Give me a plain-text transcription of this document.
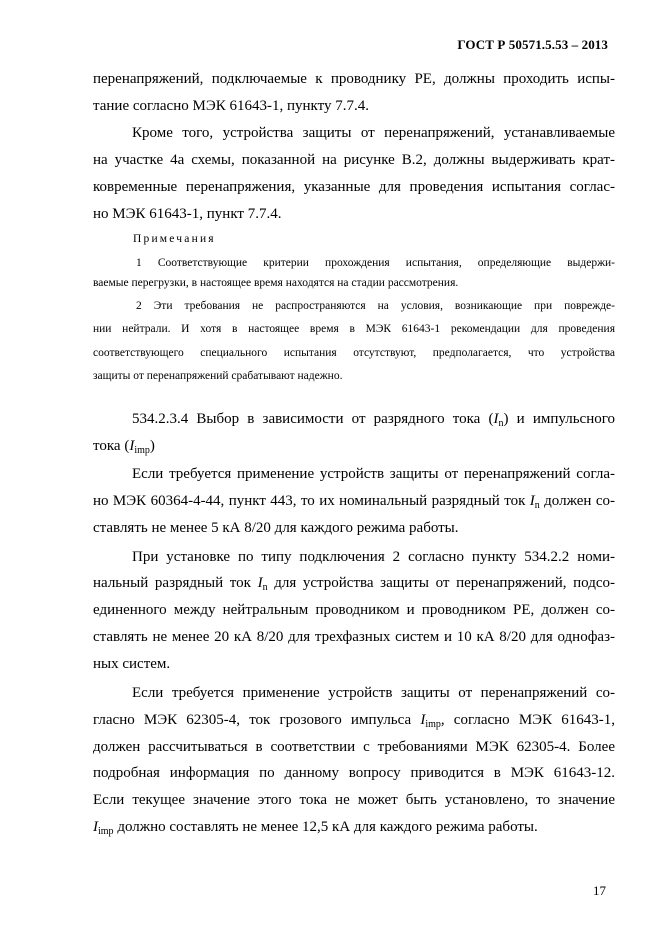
ГОСТ Р 50571.5.53 – 2013
перенапряжений, подключаемые к проводнику PE, должны проходить испы-
тание согласно МЭК 61643-1, пункту 7.7.4.
Кроме того, устройства защиты от перенапряжений, устанавливаемые
на участке 4а схемы, показанной на рисунке В.2, должны выдерживать крат-
ковременные перенапряжения, указанные для проведения испытания соглас-
но МЭК 61643-1, пункт 7.7.4.
Примечания
1 Соответствующие критерии прохождения испытания, определяющие выдержи-
ваемые перегрузки, в настоящее время находятся на стадии рассмотрения.
2 Эти требования не распространяются на условия, возникающие при поврежде-
нии нейтрали. И хотя в настоящее время в МЭК 61643-1 рекомендации для проведения
соответствующего специального испытания отсутствуют, предполагается, что устройства
защиты от перенапряжений срабатывают надежно.
534.2.3.4 Выбор в зависимости от разрядного тока $(I_n)$ и импульсного
тока $(I_{imp})$
Если требуется применение устройств защиты от перенапряжений согла-
но МЭК 60364-4-44, пункт 443, то их номинальный разрядный ток $I_n$ должен со-
ставлять не менее 5 кА 8/20 для каждого режима работы.
При установке по типу подключения 2 согласно пункту 534.2.2 номи-
нальный разрядный ток $I_n$ для устройства защиты от перенапряжений, подсо-
единенного между нейтральным проводником и проводником PE, должен со-
ставлять не менее 20 кА 8/20 для трехфазных систем и 10 кА 8/20 для однофаз-
ных систем.
Если требуется применение устройств защиты от перенапряжений со-
гласно МЭК 62305-4, ток грозового импульса $I_{imp}$, согласно МЭК 61643-1,
должен рассчитываться в соответствии с требованиями МЭК 62305-4. Более
подробная информация по данному вопросу приводится в МЭК 61643-12.
Если текущее значение этого тока не может быть установлено, то значение
$I_{imp}$ должно составлять не менее 12,5 кА для каждого режима работы.
17
